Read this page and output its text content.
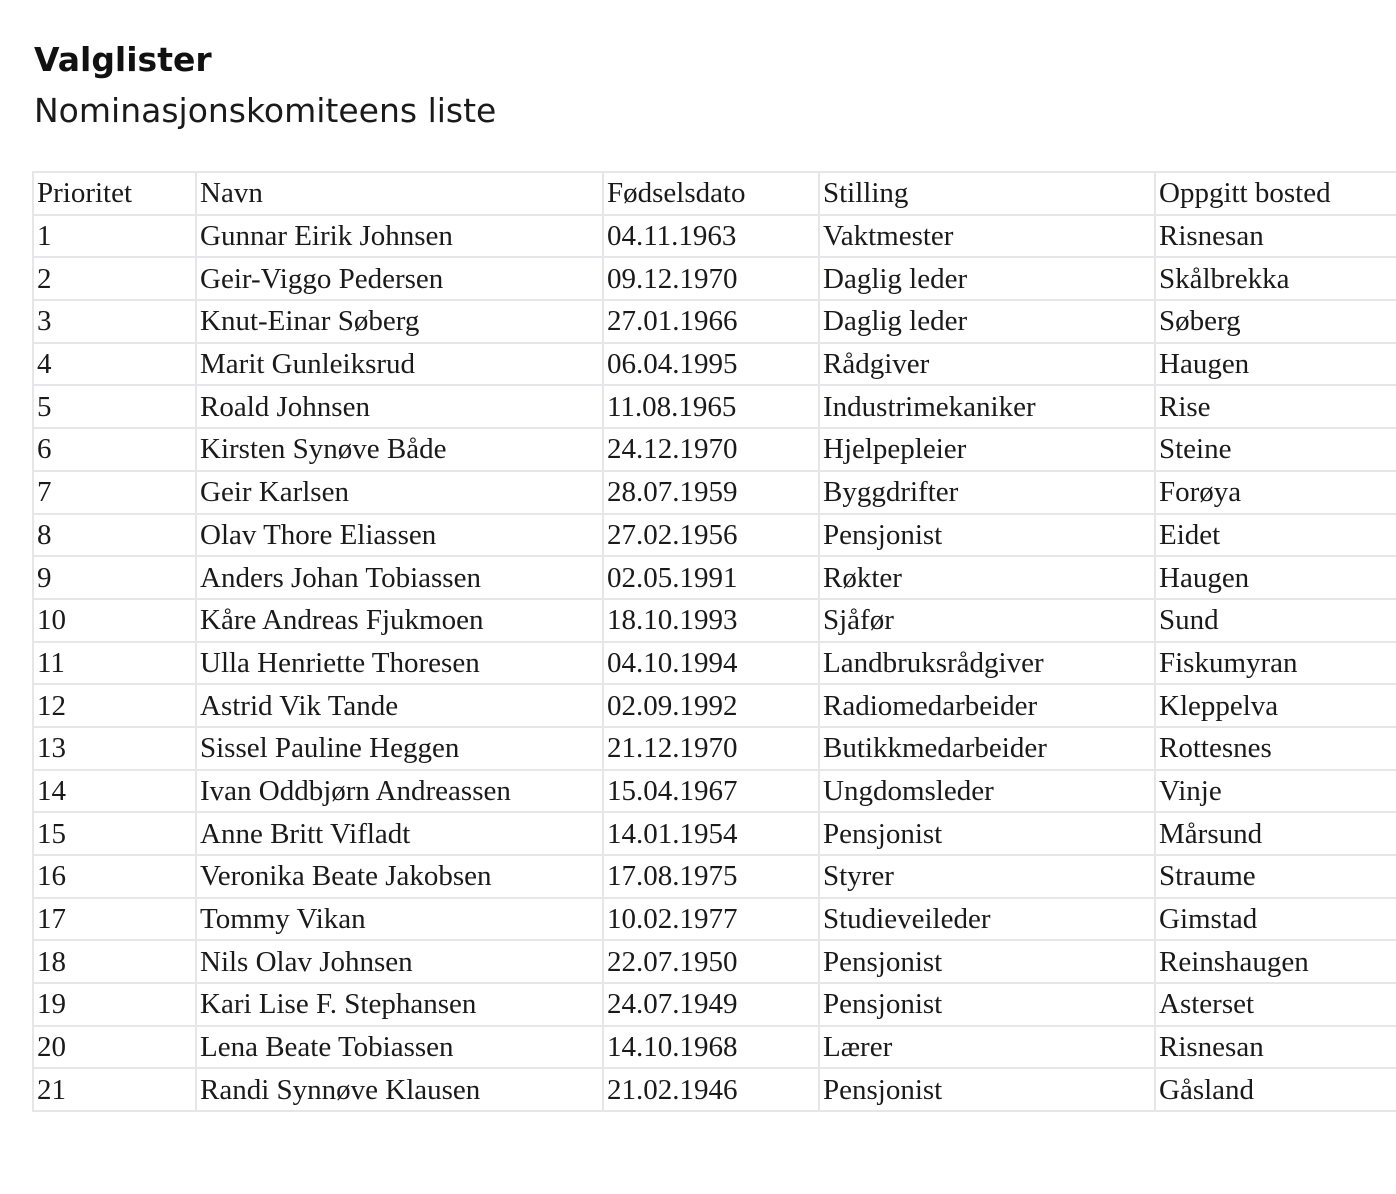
Valglister
Nominasjonskomiteens liste
Prioritet	Navn	Fødselsdato	Stilling	Oppgitt bosted
1	Gunnar Eirik Johnsen	04.11.1963	Vaktmester	Risnesan
2	Geir-Viggo Pedersen	09.12.1970	Daglig leder	Skålbrekka
3	Knut-Einar Søberg	27.01.1966	Daglig leder	Søberg
4	Marit Gunleiksrud	06.04.1995	Rådgiver	Haugen
5	Roald Johnsen	11.08.1965	Industrimekaniker	Rise
6	Kirsten Synøve Både	24.12.1970	Hjelpepleier	Steine
7	Geir Karlsen	28.07.1959	Byggdrifter	Forøya
8	Olav Thore Eliassen	27.02.1956	Pensjonist	Eidet
9	Anders Johan Tobiassen	02.05.1991	Røkter	Haugen
10	Kåre Andreas Fjukmoen	18.10.1993	Sjåfør	Sund
11	Ulla Henriette Thoresen	04.10.1994	Landbruksrådgiver	Fiskumyran
12	Astrid Vik Tande	02.09.1992	Radiomedarbeider	Kleppelva
13	Sissel Pauline Heggen	21.12.1970	Butikkmedarbeider	Rottesnes
14	Ivan Oddbjørn Andreassen	15.04.1967	Ungdomsleder	Vinje
15	Anne Britt Vifladt	14.01.1954	Pensjonist	Mårsund
16	Veronika Beate Jakobsen	17.08.1975	Styrer	Straume
17	Tommy Vikan	10.02.1977	Studieveileder	Gimstad
18	Nils Olav Johnsen	22.07.1950	Pensjonist	Reinshaugen
19	Kari Lise F. Stephansen	24.07.1949	Pensjonist	Asterset
20	Lena Beate Tobiassen	14.10.1968	Lærer	Risnesan
21	Randi Synnøve Klausen	21.02.1946	Pensjonist	Gåsland
